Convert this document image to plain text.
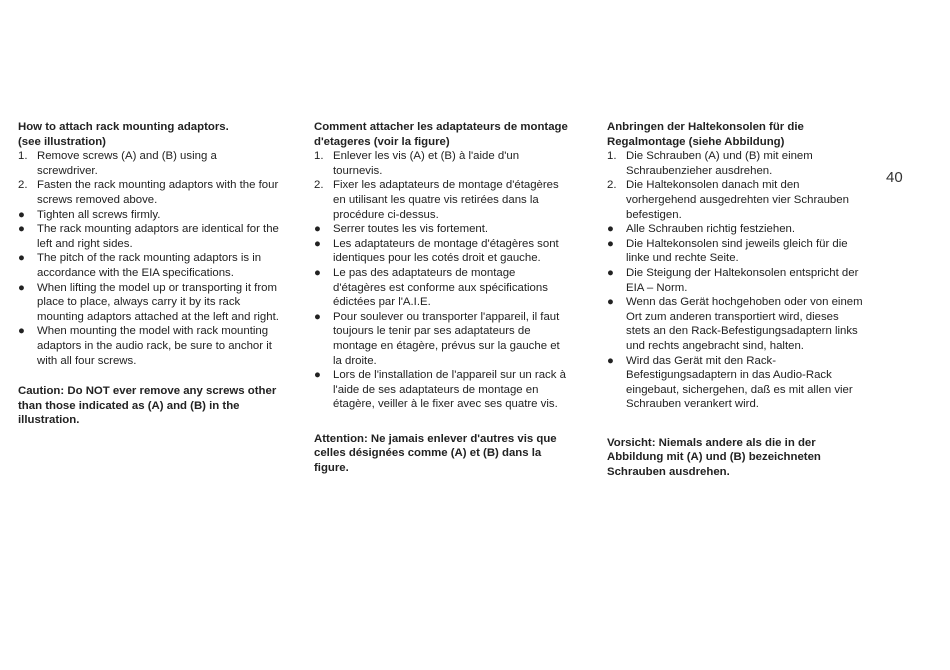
How to attach rack mounting adaptors.
(see illustration)
1. Remove screws (A) and (B) using a screwdriver.
2. Fasten the rack mounting adaptors with the four screws removed above.
● Tighten all screws firmly.
● The rack mounting adaptors are identical for the left and right sides.
● The pitch of the rack mounting adaptors is in accordance with the EIA specifications.
● When lifting the model up or transporting it from place to place, always carry it by its rack mounting adaptors attached at the left and right.
● When mounting the model with rack mounting adaptors in the audio rack, be sure to anchor it with all four screws.
Caution: Do NOT ever remove any screws other than those indicated as (A) and (B) in the illustration.
Comment attacher les adaptateurs de montage d'etageres (voir la figure)
1. Enlever les vis (A) et (B) à l'aide d'un tournevis.
2. Fixer les adaptateurs de montage d'étagères en utilisant les quatre vis retirées dans la procédure ci-dessus.
● Serrer toutes les vis fortement.
● Les adaptateurs de montage d'étagères sont identiques pour les cotés droit et gauche.
● Le pas des adaptateurs de montage d'étagères est conforme aux spécifications édictées par l'A.I.E.
● Pour soulever ou transporter l'appareil, il faut toujours le tenir par ses adaptateurs de montage en étagère, prévus sur la gauche et la droite.
● Lors de l'installation de l'appareil sur un rack à l'aide de ses adaptateurs de montage en étagère, veiller à le fixer avec ses quatre vis.
Attention: Ne jamais enlever d'autres vis que celles désignées comme (A) et (B) dans la figure.
Anbringen der Haltekonsolen für die Regalmontage (siehe Abbildung)
1. Die Schrauben (A) und (B) mit einem Schraubenzieher ausdrehen.
2. Die Haltekonsolen danach mit den vorhergehend ausgedrehten vier Schrauben befestigen.
● Alle Schrauben richtig festziehen.
● Die Haltekonsolen sind jeweils gleich für die linke und rechte Seite.
● Die Steigung der Haltekonsolen entspricht der EIA – Norm.
● Wenn das Gerät hochgehoben oder von einem Ort zum anderen transportiert wird, dieses stets an den Rack-Befestigungsadaptern links und rechts angebracht sind, halten.
● Wird das Gerät mit den Rack-Befestigungsadaptern in das Audio-Rack eingebaut, sichergehen, daß es mit allen vier Schrauben verankert wird.
Vorsicht: Niemals andere als die in der Abbildung mit (A) und (B) bezeichneten Schrauben ausdrehen.
40
